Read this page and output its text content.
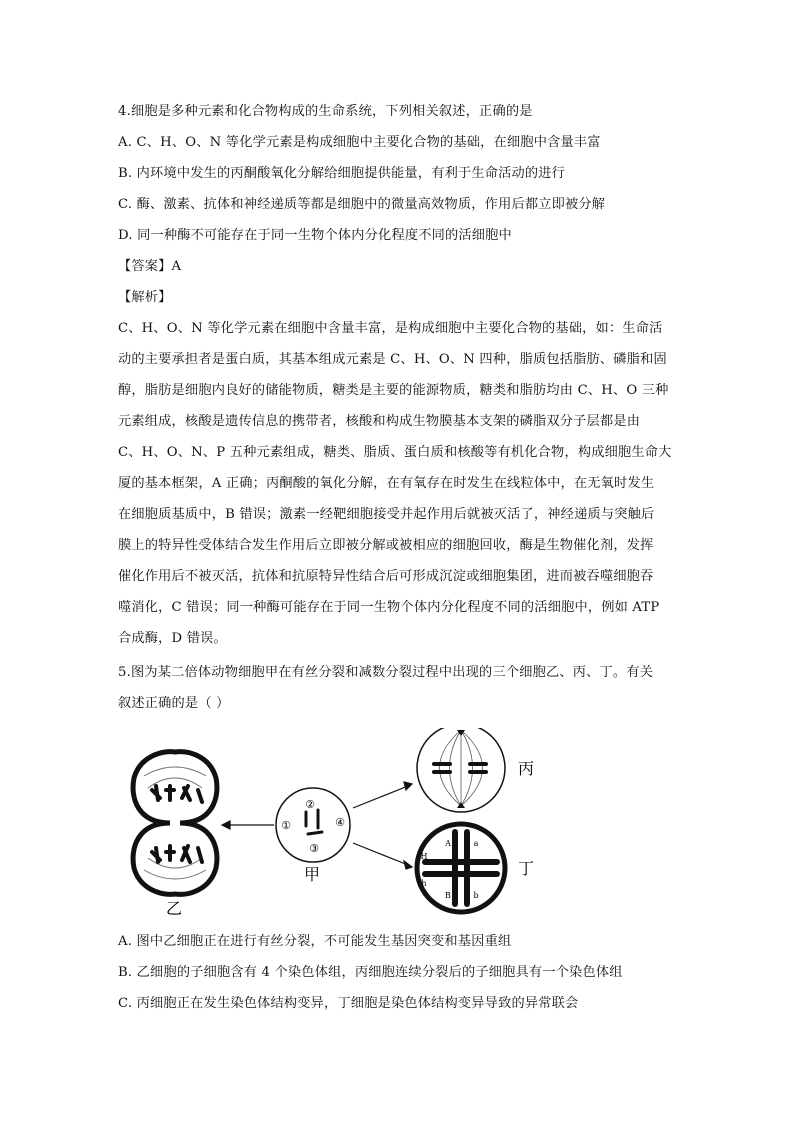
4.细胞是多种元素和化合物构成的生命系统，下列相关叙述，正确的是
A. C、H、O、N 等化学元素是构成细胞中主要化合物的基础，在细胞中含量丰富
B. 内环境中发生的丙酮酸氧化分解给细胞提供能量，有利于生命活动的进行
C. 酶、激素、抗体和神经递质等都是细胞中的微量高效物质，作用后都立即被分解
D. 同一种酶不可能存在于同一生物个体内分化程度不同的活细胞中
【答案】A
【解析】
C、H、O、N 等化学元素在细胞中含量丰富，是构成细胞中主要化合物的基础，如：生命活
动的主要承担者是蛋白质，其基本组成元素是 C、H、O、N 四种，脂质包括脂肪、磷脂和固
醇，脂肪是细胞内良好的储能物质，糖类是主要的能源物质，糖类和脂肪均由 C、H、O 三种
元素组成，核酸是遗传信息的携带者，核酸和构成生物膜基本支架的磷脂双分子层都是由
C、H、O、N、P 五种元素组成，糖类、脂质、蛋白质和核酸等有机化合物，构成细胞生命大
厦的基本框架，A 正确；丙酮酸的氧化分解，在有氧存在时发生在线粒体中，在无氧时发生
在细胞质基质中，B 错误；激素一经靶细胞接受并起作用后就被灭活了，神经递质与突触后
膜上的特异性受体结合发生作用后立即被分解或被相应的细胞回收，酶是生物催化剂，发挥
催化作用后不被灭活，抗体和抗原特异性结合后可形成沉淀或细胞集团，进而被吞噬细胞吞
噬消化，C 错误；同一种酶可能存在于同一生物个体内分化程度不同的活细胞中，例如 ATP
合成酶，D 错误。
5.图为某二倍体动物细胞甲在有丝分裂和减数分裂过程中出现的三个细胞乙、丙、丁。有关
叙述正确的是（ ）
乙
②
①	④
③
甲
丙
A	a
H
h
B	b
丁
A. 图中乙细胞正在进行有丝分裂，不可能发生基因突变和基因重组
B. 乙细胞的子细胞含有 4 个染色体组，丙细胞连续分裂后的子细胞具有一个染色体组
C. 丙细胞正在发生染色体结构变异，丁细胞是染色体结构变异导致的异常联会
